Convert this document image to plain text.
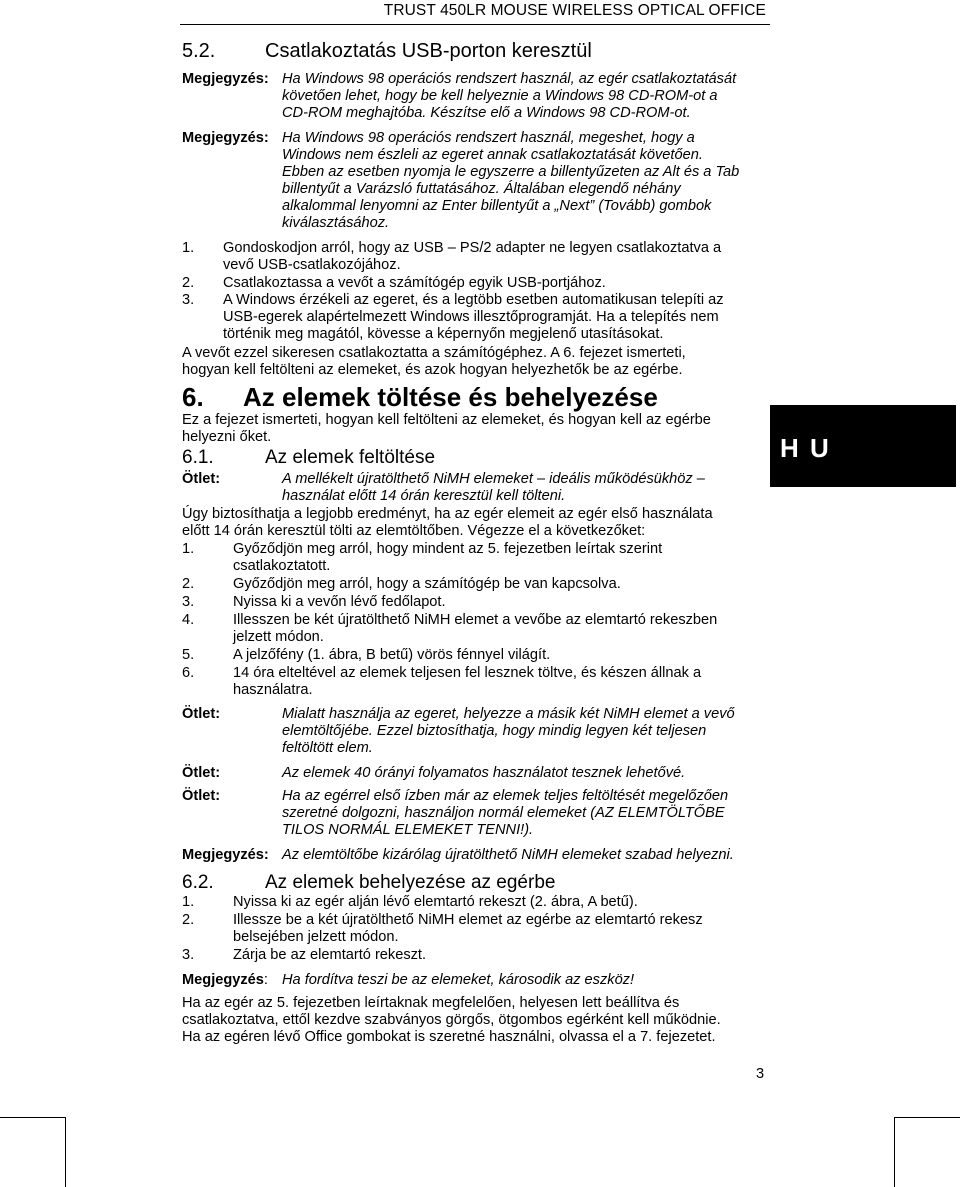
TRUST 450LR MOUSE WIRELESS OPTICAL OFFICE
5.2. Csatlakoztatás USB-porton keresztül
Megjegyzés: Ha Windows 98 operációs rendszert használ, az egér csatlakoztatását
követően lehet, hogy be kell helyeznie a Windows 98 CD-ROM-ot a
CD-ROM meghajtóba. Készítse elő a Windows 98 CD-ROM-ot.
Megjegyzés: Ha Windows 98 operációs rendszert használ, megeshet, hogy a
Windows nem észleli az egeret annak csatlakoztatását követően.
Ebben az esetben nyomja le egyszerre a billentyűzeten az Alt és a Tab
billentyűt a Varázsló futtatásához. Általában elegendő néhány
alkalommal lenyomni az Enter billentyűt a „Next” (Tovább) gombok
kiválasztásához.
1. Gondoskodjon arról, hogy az USB – PS/2 adapter ne legyen csatlakoztatva a
vevő USB-csatlakozójához.
2. Csatlakoztassa a vevőt a számítógép egyik USB-portjához.
3. A Windows érzékeli az egeret, és a legtöbb esetben automatikusan telepíti az
USB-egerek alapértelmezett Windows illesztőprogramját. Ha a telepítés nem
történik meg magától, kövesse a képernyőn megjelenő utasításokat.
A vevőt ezzel sikeresen csatlakoztatta a számítógéphez. A 6. fejezet ismerteti,
hogyan kell feltölteni az elemeket, és azok hogyan helyezhetők be az egérbe.
6. Az elemek töltése és behelyezése
Ez a fejezet ismerteti, hogyan kell feltölteni az elemeket, és hogyan kell az egérbe
helyezni őket.	H U
6.1.	Az elemek feltöltése
Ötlet:	A mellékelt újratölthető NiMH elemeket – ideális működésükhöz –
használat előtt 14 órán keresztül kell tölteni.
Úgy biztosíthatja a legjobb eredményt, ha az egér elemeit az egér első használata
előtt 14 órán keresztül tölti az elemtöltőben. Végezze el a következőket:
1.	Győződjön meg arról, hogy mindent az 5. fejezetben leírtak szerint
csatlakoztatott.
2.	Győződjön meg arról, hogy a számítógép be van kapcsolva.
3.	Nyissa ki a vevőn lévő fedőlapot.
4.	Illesszen be két újratölthető NiMH elemet a vevőbe az elemtartó rekeszben
jelzett módon.
5.	A jelzőfény (1. ábra, B betű) vörös fénnyel világít.
6.	14 óra elteltével az elemek teljesen fel lesznek töltve, és készen állnak a
használatra.
Ötlet:	Mialatt használja az egeret, helyezze a másik két NiMH elemet a vevő
elemtöltőjébe. Ezzel biztosíthatja, hogy mindig legyen két teljesen
feltöltött elem.
Ötlet:	Az elemek 40 órányi folyamatos használatot tesznek lehetővé.
Ötlet:	Ha az egérrel első ízben már az elemek teljes feltöltését megelőzően
szeretné dolgozni, használjon normál elemeket (AZ ELEMTÖLTŐBE
TILOS NORMÁL ELEMEKET TENNI!).
Megjegyzés: Az elemtöltőbe kizárólag újratölthető NiMH elemeket szabad helyezni.
6.2.	Az elemek behelyezése az egérbe
1.	Nyissa ki az egér alján lévő elemtartó rekeszt (2. ábra, A betű).
2.	Illessze be a két újratölthető NiMH elemet az egérbe az elemtartó rekesz
belsejében jelzett módon.
3.	Zárja be az elemtartó rekeszt.
Megjegyzés: Ha fordítva teszi be az elemeket, károsodik az eszköz!
Ha az egér az 5. fejezetben leírtaknak megfelelően, helyesen lett beállítva és
csatlakoztatva, ettől kezdve szabványos görgős, ötgombos egérként kell működnie.
Ha az egéren lévő Office gombokat is szeretné használni, olvassa el a 7. fejezetet.
3
